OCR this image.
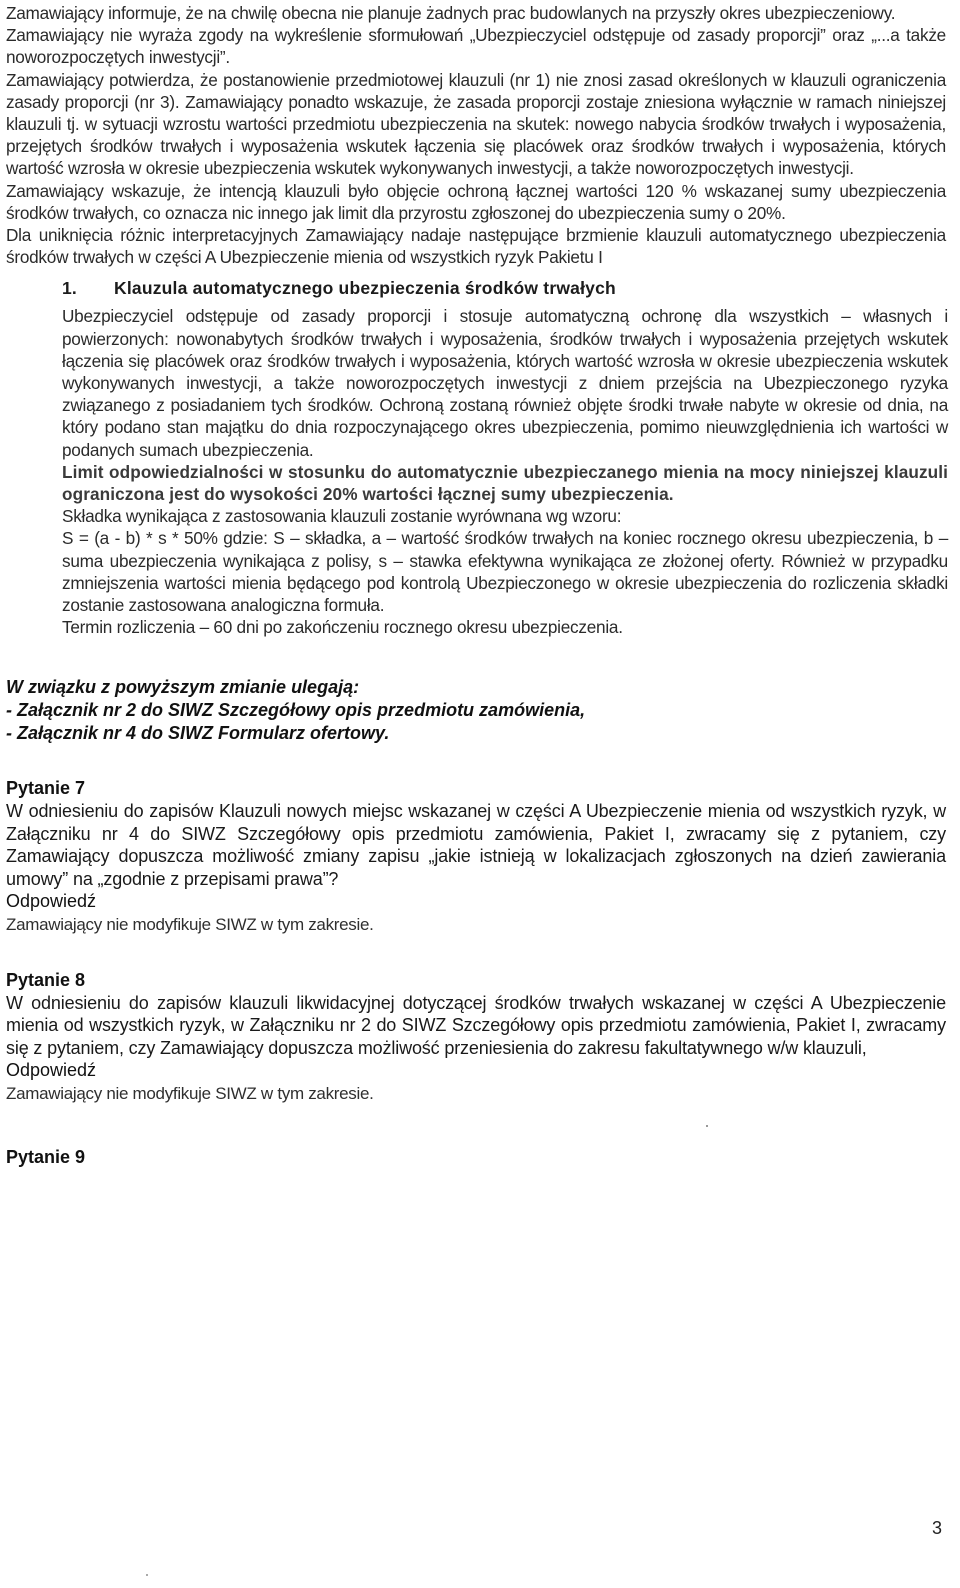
Zamawiający informuje, że na chwilę obecna nie planuje żadnych prac budowlanych na przyszły okres ubezpieczeniowy.

Zamawiający nie wyraża zgody na wykreślenie sformułowań „Ubezpieczyciel odstępuje od zasady proporcji” oraz „...a także noworozpoczętych inwestycji”.

Zamawiający potwierdza, że postanowienie przedmiotowej klauzuli (nr 1) nie znosi zasad określonych w klauzuli ograniczenia zasady proporcji (nr 3). Zamawiający ponadto wskazuje, że zasada proporcji zostaje zniesiona wyłącznie w ramach niniejszej klauzuli tj. w sytuacji wzrostu wartości przedmiotu ubezpieczenia na skutek: nowego nabycia środków trwałych i wyposażenia, przejętych środków trwałych i wyposażenia wskutek łączenia się placówek oraz środków trwałych i wyposażenia, których wartość wzrosła w okresie ubezpieczenia wskutek wykonywanych inwestycji, a także noworozpoczętych inwestycji.

Zamawiający wskazuje, że intencją klauzuli było objęcie ochroną łącznej wartości 120 % wskazanej sumy ubezpieczenia środków trwałych, co oznacza nic innego jak limit dla przyrostu zgłoszonej do ubezpieczenia sumy o 20%.

Dla uniknięcia różnic interpretacyjnych Zamawiający nadaje następujące brzmienie klauzuli automatycznego ubezpieczenia środków trwałych w części A Ubezpieczenie mienia od wszystkich ryzyk Pakietu I

1. Klauzula automatycznego ubezpieczenia środków trwałych

Ubezpieczyciel odstępuje od zasady proporcji i stosuje automatyczną ochronę dla wszystkich – własnych i powierzonych: nowonabytych środków trwałych i wyposażenia, środków trwałych i wyposażenia przejętych wskutek łączenia się placówek oraz środków trwałych i wyposażenia, których wartość wzrosła w okresie ubezpieczenia wskutek wykonywanych inwestycji, a także noworozpoczętych inwestycji z dniem przejścia na Ubezpieczonego ryzyka związanego z posiadaniem tych środków. Ochroną zostaną również objęte środki trwałe nabyte w okresie od dnia, na który podano stan majątku do dnia rozpoczynającego okres ubezpieczenia, pomimo nieuwzględnienia ich wartości w podanych sumach ubezpieczenia.

Limit odpowiedzialności w stosunku do automatycznie ubezpieczanego mienia na mocy niniejszej klauzuli ograniczona jest do wysokości 20% wartości łącznej sumy ubezpieczenia.

Składka wynikająca z zastosowania klauzuli zostanie wyrównana wg wzoru:

S = (a - b) * s * 50% gdzie: S – składka, a – wartość środków trwałych na koniec rocznego okresu ubezpieczenia, b – suma ubezpieczenia wynikająca z polisy, s – stawka efektywna wynikająca ze złożonej oferty. Również w przypadku zmniejszenia wartości mienia będącego pod kontrolą Ubezpieczonego w okresie ubezpieczenia do rozliczenia składki zostanie zastosowana analogiczna formuła.

Termin rozliczenia – 60 dni po zakończeniu rocznego okresu ubezpieczenia.

W związku z powyższym zmianie ulegają:
- Załącznik nr 2 do SIWZ Szczegółowy opis przedmiotu zamówienia,
- Załącznik nr 4 do SIWZ Formularz ofertowy.
Pytanie 7

W odniesieniu do zapisów Klauzuli nowych miejsc wskazanej w części A Ubezpieczenie mienia od wszystkich ryzyk, w Załączniku nr 4 do SIWZ Szczegółowy opis przedmiotu zamówienia, Pakiet I, zwracamy się z pytaniem, czy Zamawiający dopuszcza możliwość zmiany zapisu „jakie istnieją w lokalizacjach zgłoszonych na dzień zawierania umowy” na „zgodnie z przepisami prawa”?

Odpowiedź
Zamawiający nie modyfikuje SIWZ w tym zakresie.
Pytanie 8

W odniesieniu do zapisów klauzuli likwidacyjnej dotyczącej środków trwałych wskazanej w części A Ubezpieczenie mienia od wszystkich ryzyk, w Załączniku nr 2 do SIWZ Szczegółowy opis przedmiotu zamówienia, Pakiet I, zwracamy się z pytaniem, czy Zamawiający dopuszcza możliwość przeniesienia do zakresu fakultatywnego w/w klauzuli,

Odpowiedź
Zamawiający nie modyfikuje SIWZ w tym zakresie.
Pytanie 9
3
